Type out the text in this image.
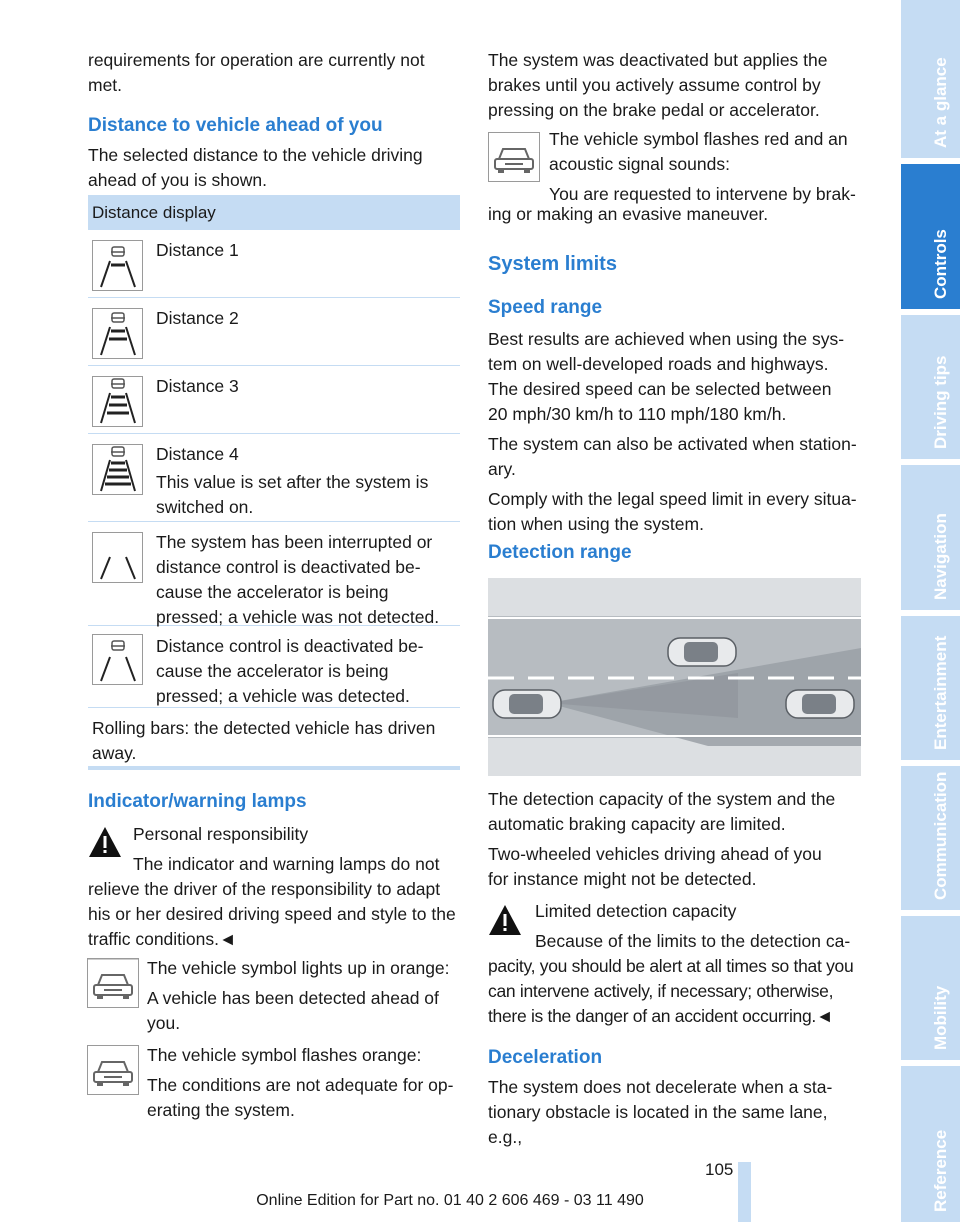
requirements for operation are currently not
met.
Distance to vehicle ahead of you
The selected distance to the vehicle driving
ahead of you is shown.
Distance display
Distance 1
Distance 2
Distance 3
Distance 4
This value is set after the system is
switched on.
The system has been interrupted or
distance control is deactivated be-
cause the accelerator is being
pressed; a vehicle was not detected.
Distance control is deactivated be-
cause the accelerator is being
pressed; a vehicle was detected.
Rolling bars: the detected vehicle has driven
away.
Indicator/warning lamps
Personal responsibility
The indicator and warning lamps do not
relieve the driver of the responsibility to adapt
his or her desired driving speed and style to the
traffic conditions.◄
The vehicle symbol lights up in orange:
A vehicle has been detected ahead of
you.
The vehicle symbol flashes orange:
The conditions are not adequate for op-
erating the system.
The system was deactivated but applies the
brakes until you actively assume control by
pressing on the brake pedal or accelerator.
The vehicle symbol flashes red and an
acoustic signal sounds:
You are requested to intervene by brak-
ing or making an evasive maneuver.
System limits
Speed range
Best results are achieved when using the sys-
tem on well-developed roads and highways.
The desired speed can be selected between
20 mph/30 km/h to 110 mph/180 km/h.
The system can also be activated when station-
ary.
Comply with the legal speed limit in every situa-
tion when using the system.
Detection range
The detection capacity of the system and the
automatic braking capacity are limited.
Two-wheeled vehicles driving ahead of you
for instance might not be detected.
Limited detection capacity
Because of the limits to the detection ca-
pacity, you should be alert at all times so that you
can intervene actively, if necessary; otherwise,
there is the danger of an accident occurring.◄
Deceleration
The system does not decelerate when a sta-
tionary obstacle is located in the same lane, e.g.,
At a glance
Controls
Driving tips
Navigation
Entertainment
Communication
Mobility
Reference
105
Online Edition for Part no. 01 40 2 606 469 - 03 11 490
